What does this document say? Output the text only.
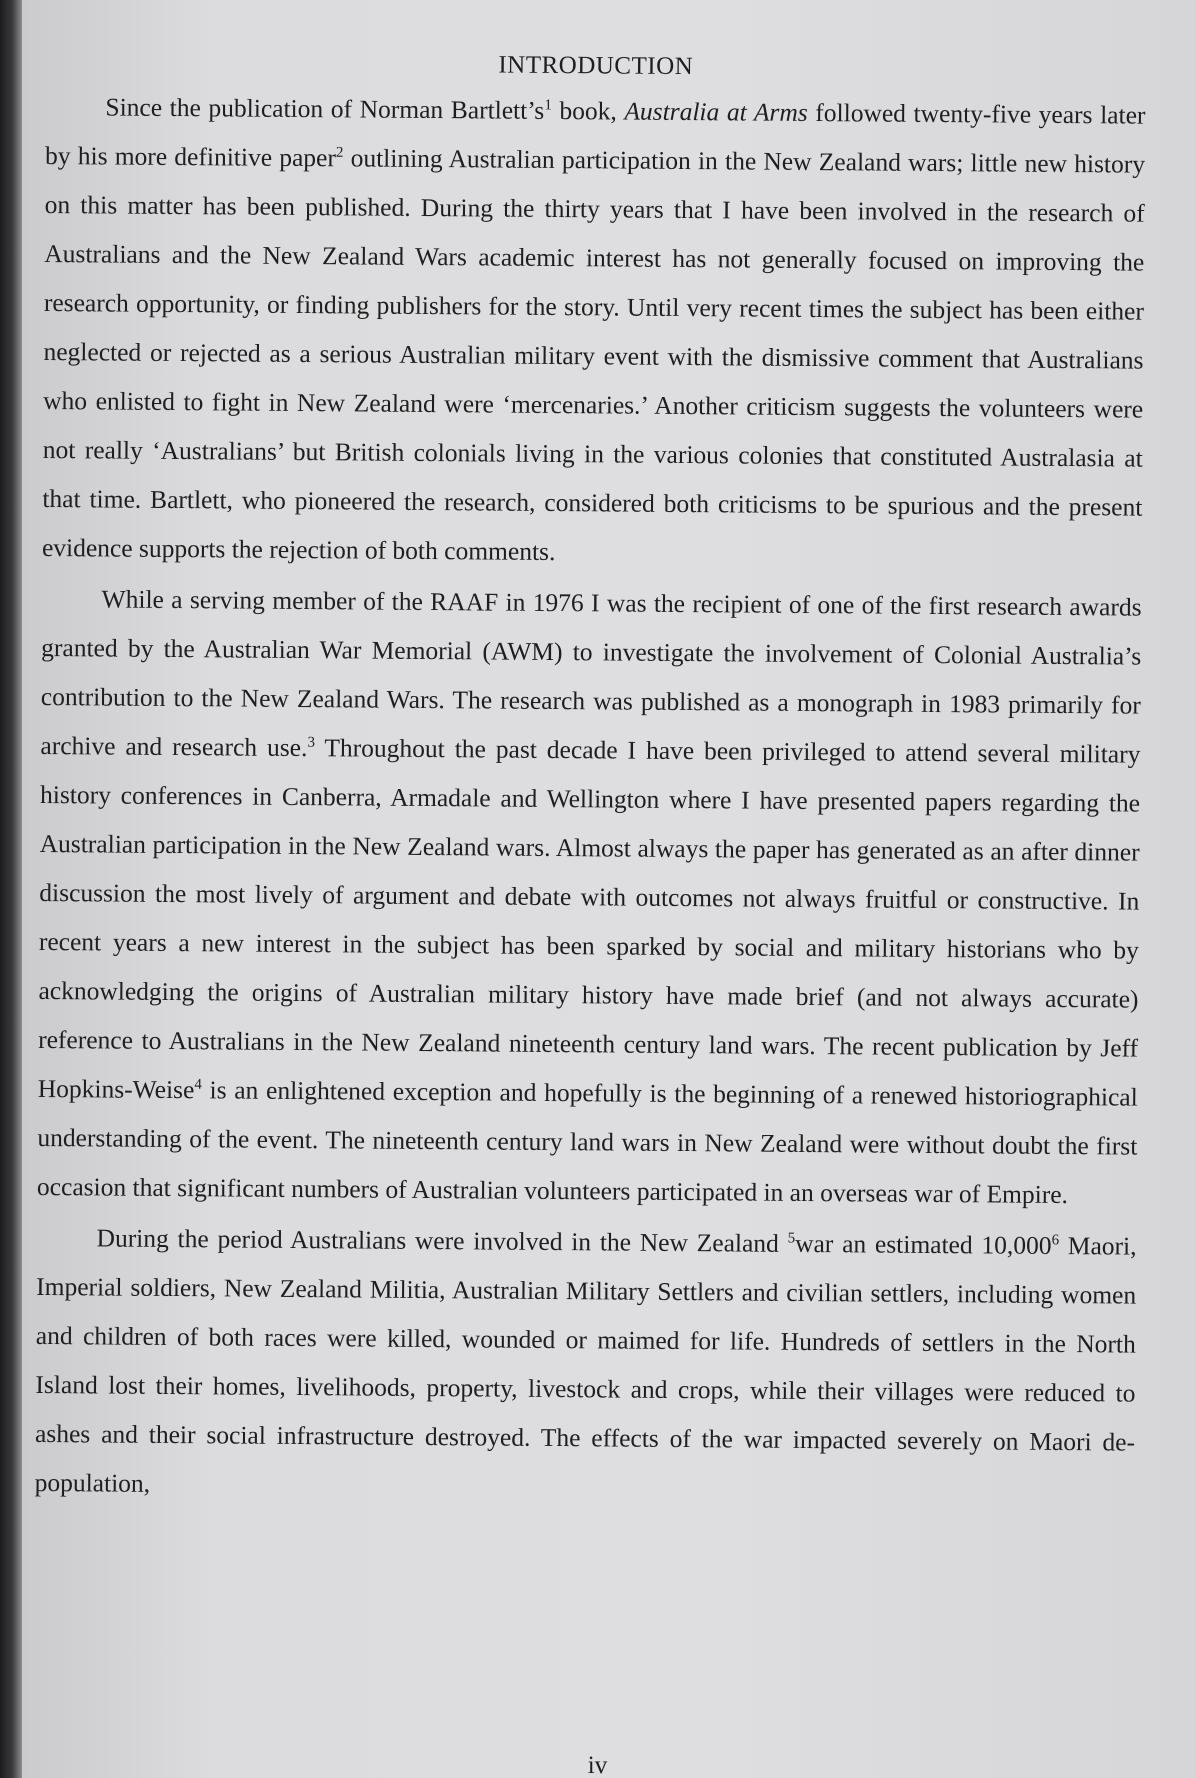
INTRODUCTION

Since the publication of Norman $Bartlett’s^1$ book, Australia at Arms followed twenty-five years later by his more definitive paper$^2$ outlining Australian participation in the New Zealand wars; little new history on this matter has been published. During the thirty years that I have been involved in the research of Australians and the New Zealand Wars academic interest has not generally focused on improving the research opportunity, or finding publishers for the story. Until very recent times the subject has been either neglected or rejected as a serious Australian military event with the dismissive comment that Australians who enlisted to fight in New Zealand were ‘mercenaries.’ Another criticism suggests the volunteers were not really ‘Australians’ but British colonials living in the various colonies that constituted Australasia at that time. Bartlett, who pioneered the research, considered both criticisms to be spurious and the present evidence supports the rejection of both comments.

While a serving member of the RAAF in 1976 I was the recipient of one of the first research awards granted by the Australian War Memorial (AWM) to investigate the involvement of Colonial Australia’s contribution to the New Zealand Wars. The research was published as a monograph in 1983 primarily for archive and research use.$^3$ Throughout the past decade I have been privileged to attend several military history conferences in Canberra, Armadale and Wellington where I have presented papers regarding the Australian participation in the New Zealand wars. Almost always the paper has generated as an after dinner discussion the most lively of argument and debate with outcomes not always fruitful or constructive. In recent years a new interest in the subject has been sparked by social and military historians who by acknowledging the origins of Australian military history have made brief (and not always accurate) reference to Australians in the New Zealand nineteenth century land wars. The recent publication by Jeff Hopkins-Weise$^4$ is an enlightened exception and hopefully is the beginning of a renewed historiographical understanding of the event. The nineteenth century land wars in New Zealand were without doubt the first occasion that significant numbers of Australian volunteers participated in an overseas war of Empire.

During the period Australians were involved in the New Zealand $^5$war an estimated 10,000$^6$ Maori, Imperial soldiers, New Zealand Militia, Australian Military Settlers and civilian settlers, including women and children of both races were killed, wounded or maimed for life. Hundreds of settlers in the North Island lost their homes, livelihoods, property, livestock and crops, while their villages were reduced to ashes and their social infrastructure destroyed. The effects of the war impacted severely on Maori de-population,

iv
